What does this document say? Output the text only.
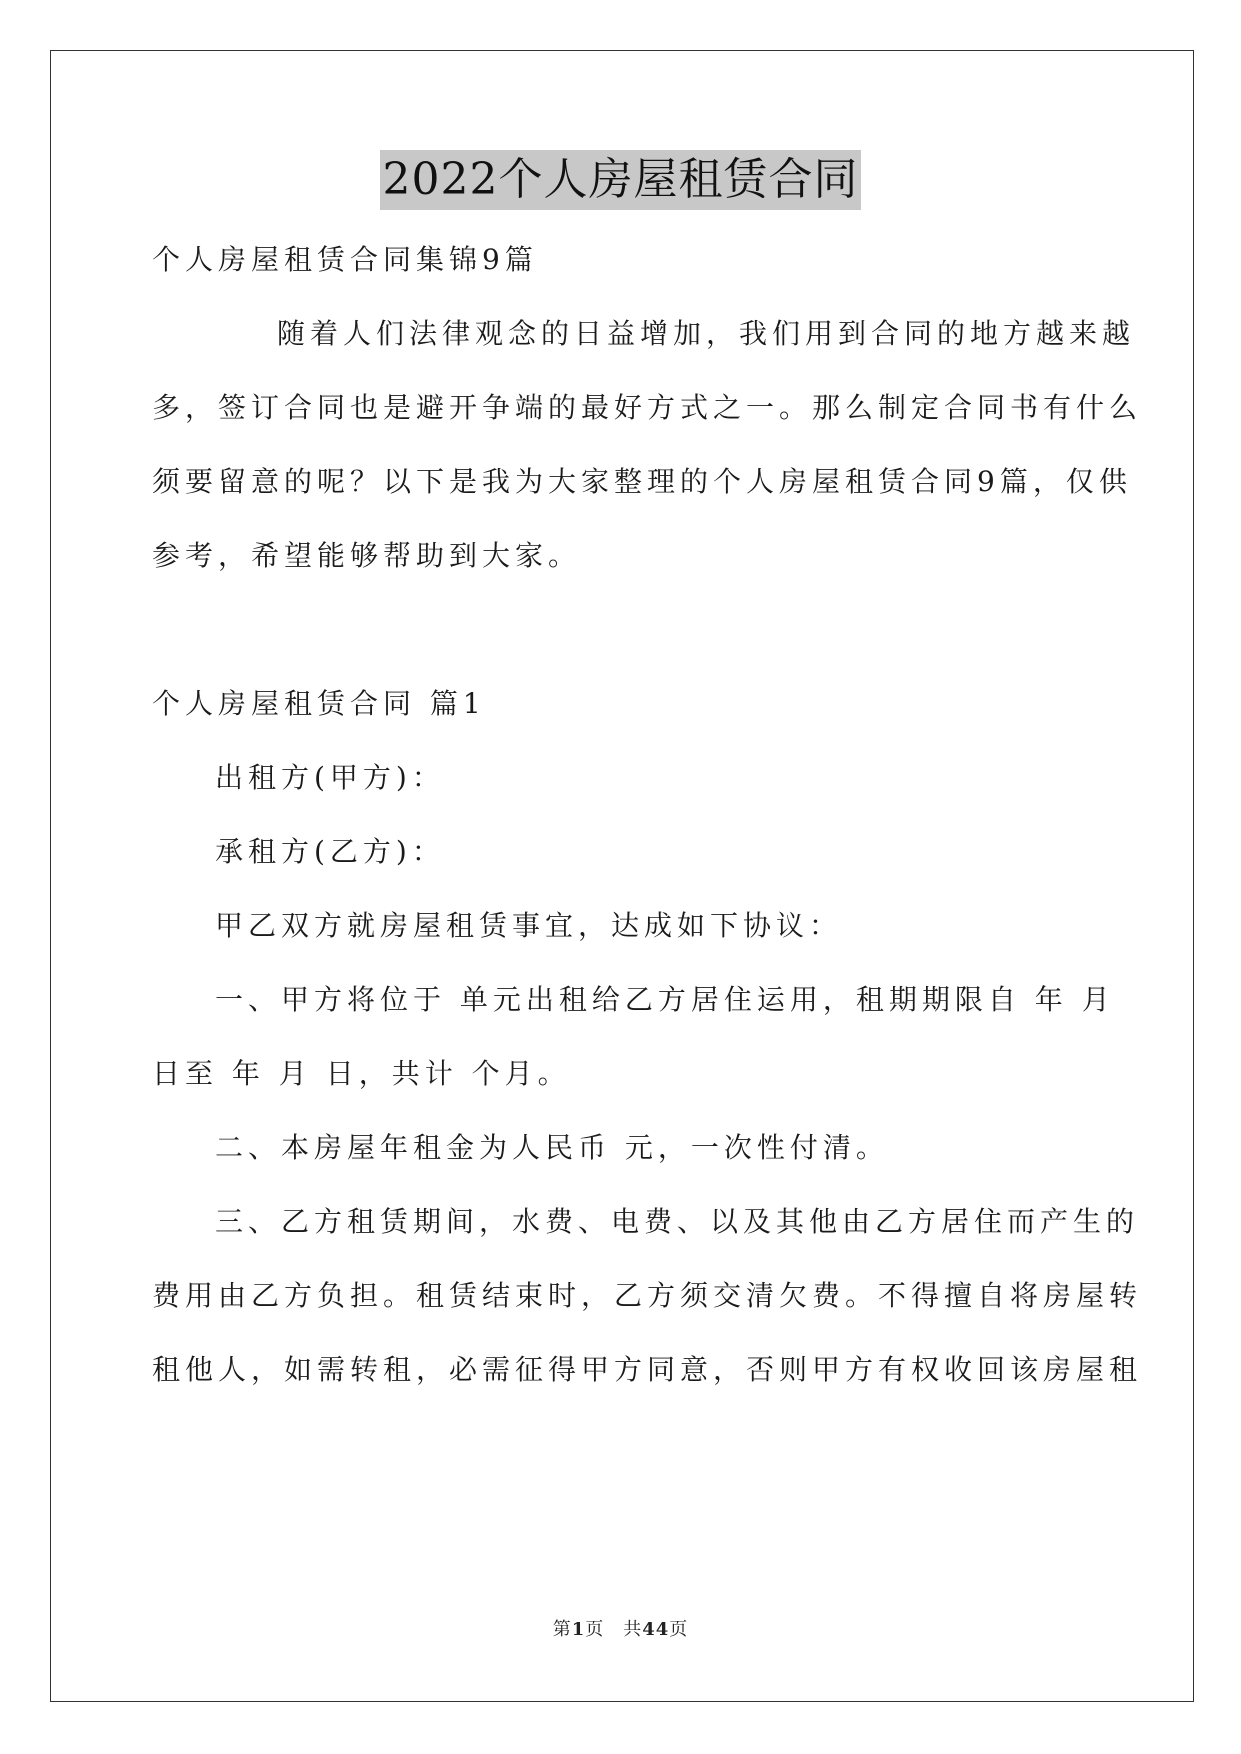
2022个人房屋租赁合同
个人房屋租赁合同集锦9篇
随着人们法律观念的日益增加，我们用到合同的地方越来越
多，签订合同也是避开争端的最好方式之一。那么制定合同书有什么
须要留意的呢？以下是我为大家整理的个人房屋租赁合同9篇，仅供
参考，希望能够帮助到大家。
个人房屋租赁合同 篇1
出租方(甲方)：
承租方(乙方)：
甲乙双方就房屋租赁事宜，达成如下协议：
一、甲方将位于 单元出租给乙方居住运用，租期期限自 年 月
日至 年 月 日，共计 个月。
二、本房屋年租金为人民币 元，一次性付清。
三、乙方租赁期间，水费、电费、以及其他由乙方居住而产生的
费用由乙方负担。租赁结束时，乙方须交清欠费。不得擅自将房屋转
租他人，如需转租，必需征得甲方同意，否则甲方有权收回该房屋租
第1页　共44页
